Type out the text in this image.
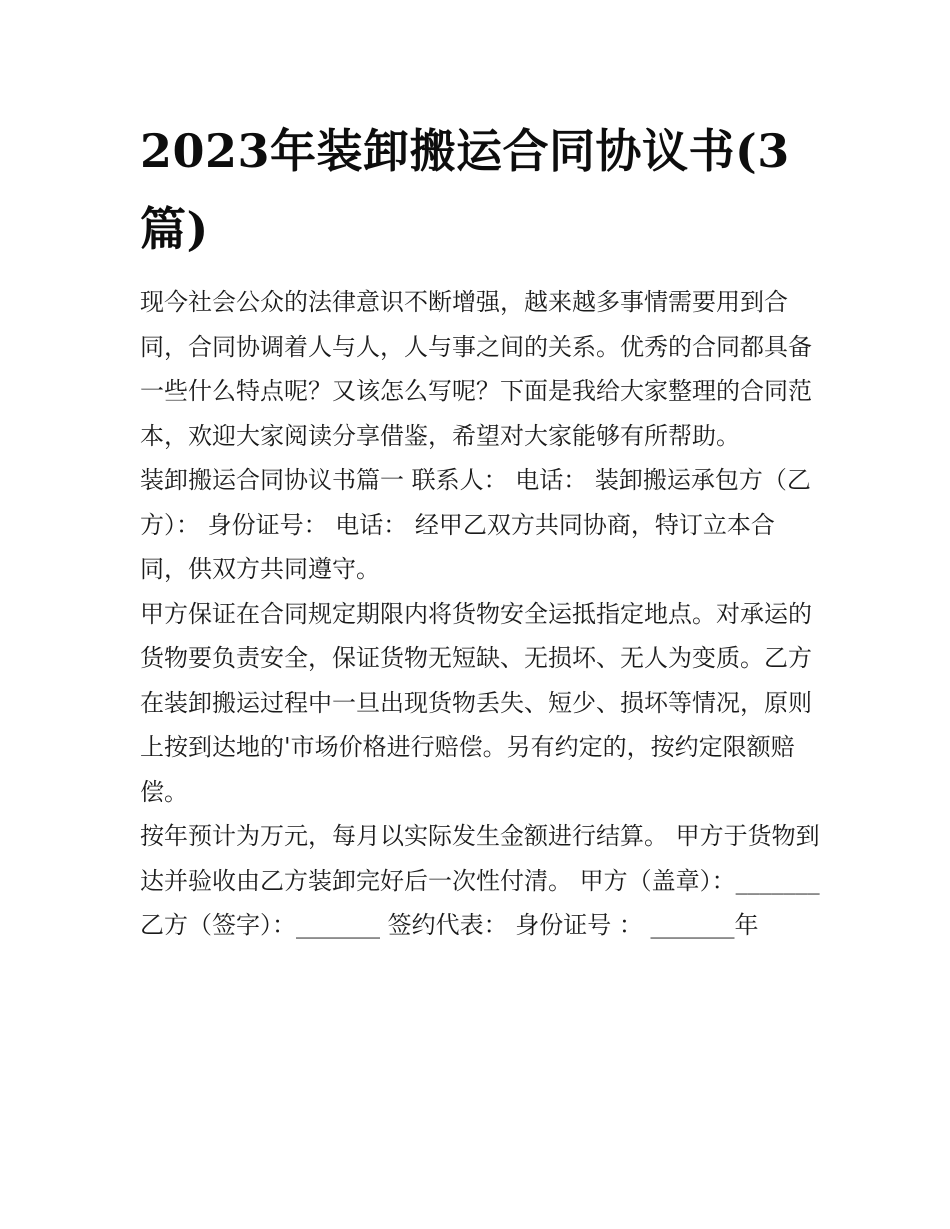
2023年装卸搬运合同协议书(3篇)

现今社会公众的法律意识不断增强，越来越多事情需要用到合同，合同协调着人与人，人与事之间的关系。优秀的合同都具备一些什么特点呢？又该怎么写呢？下面是我给大家整理的合同范本，欢迎大家阅读分享借鉴，希望对大家能够有所帮助。

装卸搬运合同协议书篇一 联系人： 电话： 装卸搬运承包方（乙方）： 身份证号： 电话： 经甲乙双方共同协商，特订立本合同，供双方共同遵守。

甲方保证在合同规定期限内将货物安全运抵指定地点。对承运的货物要负责安全，保证货物无短缺、无损坏、无人为变质。乙方在装卸搬运过程中一旦出现货物丢失、短少、损坏等情况，原则上按到达地的'市场价格进行赔偿。另有约定的，按约定限额赔偿。

按年预计为万元，每月以实际发生金额进行结算。 甲方于货物到达并验收由乙方装卸完好后一次性付清。 甲方（盖章）：_______

乙方（签字）：_______ 签约代表： 身份证号 ： _______年
